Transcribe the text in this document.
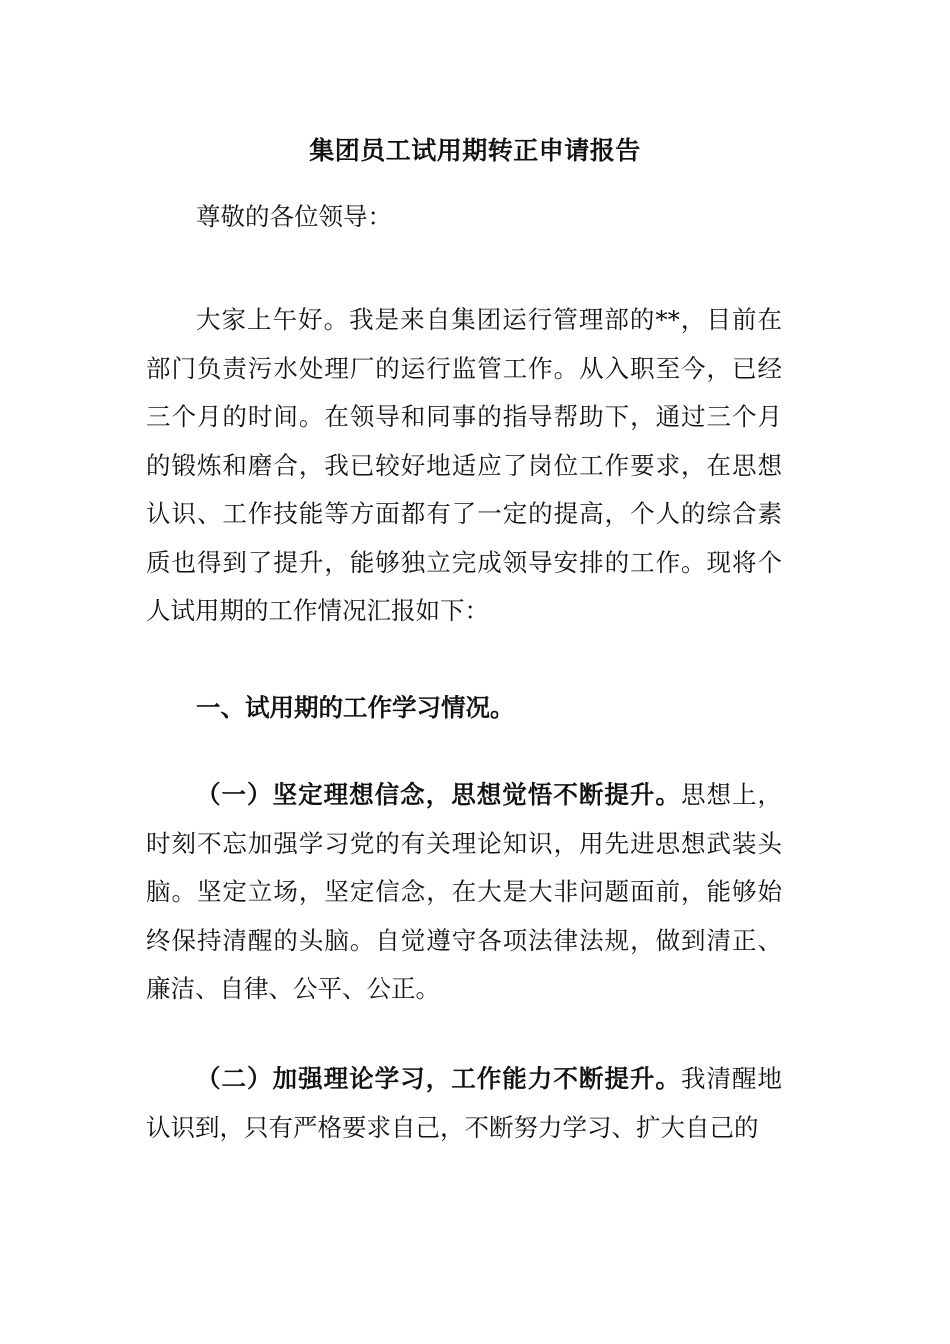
集团员工试用期转正申请报告

尊敬的各位领导：

大家上午好。我是来自集团运行管理部的**，目前在部门负责污水处理厂的运行监管工作。从入职至今，已经三个月的时间。在领导和同事的指导帮助下，通过三个月的锻炼和磨合，我已较好地适应了岗位工作要求，在思想认识、工作技能等方面都有了一定的提高，个人的综合素质也得到了提升，能够独立完成领导安排的工作。现将个人试用期的工作情况汇报如下：

一、试用期的工作学习情况。

（一）坚定理想信念，思想觉悟不断提升。思想上，时刻不忘加强学习党的有关理论知识，用先进思想武装头脑。坚定立场，坚定信念，在大是大非问题面前，能够始终保持清醒的头脑。自觉遵守各项法律法规，做到清正、廉洁、自律、公平、公正。

（二）加强理论学习，工作能力不断提升。我清醒地认识到，只有严格要求自己，不断努力学习、扩大自己的
